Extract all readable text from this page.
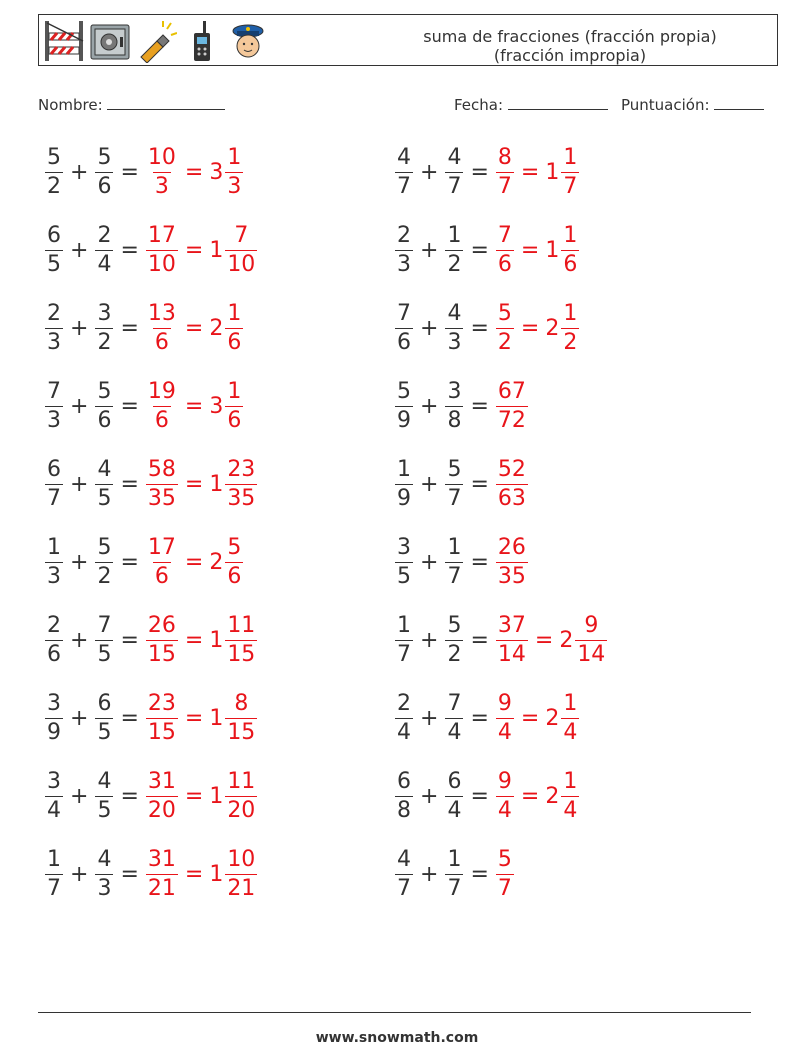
suma de fracciones (fracción propia)
(fracción impropia)
Nombre:	Fecha:	Puntuación:
$\frac{5}{2} + \frac{5}{6} = \frac{10}{3} = 3 \frac{1}{3}$	$\frac{4}{7} + \frac{4}{7} = \frac{8}{7} = 1 \frac{1}{7}$
$\frac{6}{5} + \frac{2}{4} = \frac{17}{10} = 1 \frac{7}{10}$	$\frac{2}{3} + \frac{1}{2} = \frac{7}{6} = 1 \frac{1}{6}$
$\frac{2}{3} + \frac{3}{2} = \frac{13}{6} = 2 \frac{1}{6}$	$\frac{7}{6} + \frac{4}{3} = \frac{5}{2} = 2 \frac{1}{2}$
$\frac{7}{3} + \frac{5}{6} = \frac{19}{6} = 3 \frac{1}{6}$	$\frac{5}{9} + \frac{3}{8} = \frac{67}{72}$
$\frac{6}{7} + \frac{4}{5} = \frac{58}{35} = 1 \frac{23}{35}$	$\frac{1}{9} + \frac{5}{7} = \frac{52}{63}$
$\frac{1}{3} + \frac{5}{2} = \frac{17}{6} = 2 \frac{5}{6}$	$\frac{3}{5} + \frac{1}{7} = \frac{26}{35}$
$\frac{2}{6} + \frac{7}{5} = \frac{26}{15} = 1 \frac{11}{15}$	$\frac{1}{7} + \frac{5}{2} = \frac{37}{14} = 2 \frac{9}{14}$
$\frac{3}{9} + \frac{6}{5} = \frac{23}{15} = 1 \frac{8}{15}$	$\frac{2}{4} + \frac{7}{4} = \frac{9}{4} = 2 \frac{1}{4}$
$\frac{3}{4} + \frac{4}{5} = \frac{31}{20} = 1 \frac{11}{20}$	$\frac{6}{8} + \frac{6}{4} = \frac{9}{4} = 2 \frac{1}{4}$
$\frac{1}{7} + \frac{4}{3} = \frac{31}{21} = 1 \frac{10}{21}$	$\frac{4}{7} + \frac{1}{7} = \frac{5}{7}$
www.snowmath.com
